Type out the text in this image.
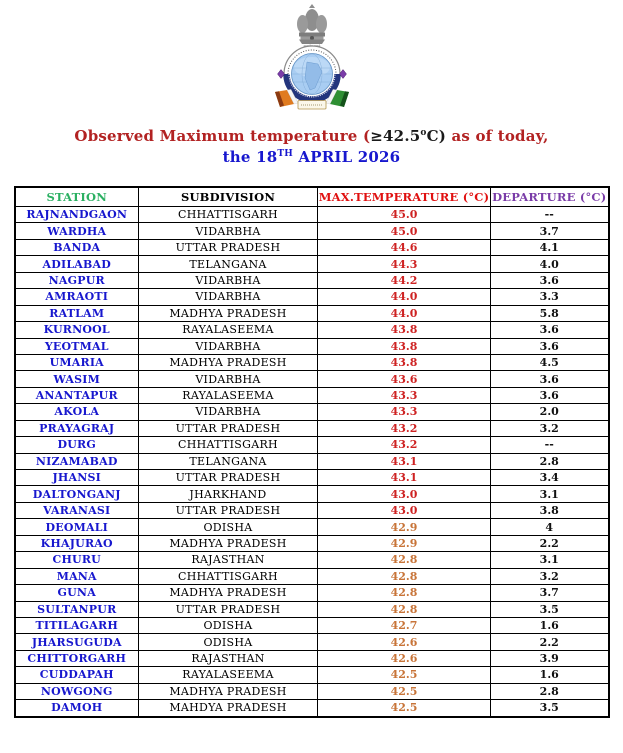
Observed Maximum temperature $(\ge 42.5^oC)$ as of today,
the 18TH APRIL 2026
STATION	SUBDIVISION	MAX.TEMPERATURE (°C)	DEPARTURE (°C)
RAJNANDGAON	CHHATTISGARH	45.0	--
WARDHA	VIDARBHA	45.0	3.7
BANDA	UTTAR PRADESH	44.6	4.1
ADILABAD	TELANGANA	44.3	4.0
NAGPUR	VIDARBHA	44.2	3.6
AMRAOTI	VIDARBHA	44.0	3.3
RATLAM	MADHYA PRADESH	44.0	5.8
KURNOOL	RAYALASEEMA	43.8	3.6
YEOTMAL	VIDARBHA	43.8	3.6
UMARIA	MADHYA PRADESH	43.8	4.5
WASIM	VIDARBHA	43.6	3.6
ANANTAPUR	RAYALASEEMA	43.3	3.6
AKOLA	VIDARBHA	43.3	2.0
PRAYAGRAJ	UTTAR PRADESH	43.2	3.2
DURG	CHHATTISGARH	43.2	--
NIZAMABAD	TELANGANA	43.1	2.8
JHANSI	UTTAR PRADESH	43.1	3.4
DALTONGANJ	JHARKHAND	43.0	3.1
VARANASI	UTTAR PRADESH	43.0	3.8
DEOMALI	ODISHA	42.9	4
KHAJURAO	MADHYA PRADESH	42.9	2.2
CHURU	RAJASTHAN	42.8	3.1
MANA	CHHATTISGARH	42.8	3.2
GUNA	MADHYA PRADESH	42.8	3.7
SULTANPUR	UTTAR PRADESH	42.8	3.5
TITILAGARH	ODISHA	42.7	1.6
JHARSUGUDA	ODISHA	42.6	2.2
CHITTORGARH	RAJASTHAN	42.6	3.9
CUDDAPAH	RAYALASEEMA	42.5	1.6
NOWGONG	MADHYA PRADESH	42.5	2.8
DAMOH	MAHDYA PRADESH	42.5	3.5
